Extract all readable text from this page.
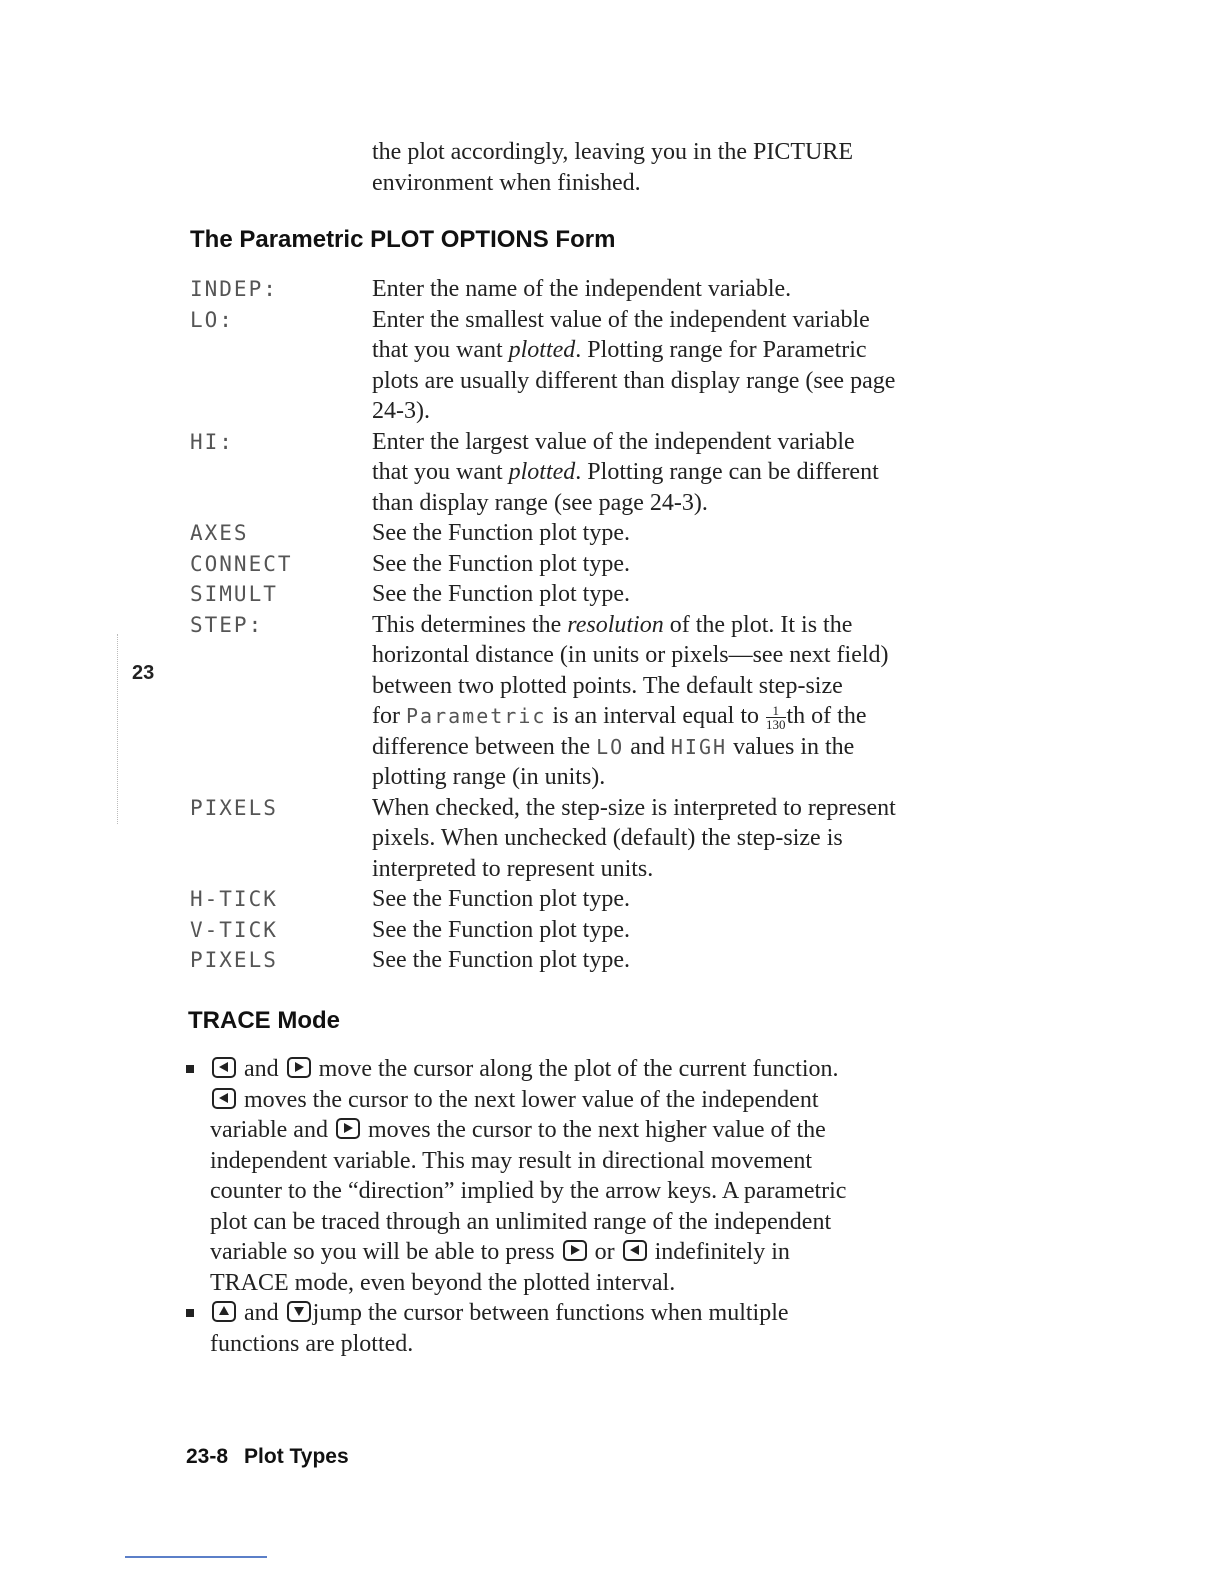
the plot accordingly, leaving you in the PICTURE
environment when finished.
The Parametric PLOT OPTIONS Form
INDEP:	Enter the name of the independent variable.
LO:	Enter the smallest value of the independent variable
that you want plotted. Plotting range for Parametric
plots are usually different than display range (see page
24-3).
HI:	Enter the largest value of the independent variable
that you want plotted. Plotting range can be different
than display range (see page 24-3).
AXES	See the Function plot type.
CONNECT	See the Function plot type.
SIMULT	See the Function plot type.
STEP:	This determines the resolution of the plot. It is the
horizontal distance (in units or pixels—see next field)
between two plotted points. The default step-size
for Parametric is an interval equal to $\frac{1}{130}$ th of the
difference between the LO and HIGH values in the
plotting range (in units).
PIXELS	When checked, the step-size is interpreted to represent
pixels. When unchecked (default) the step-size is
interpreted to represent units.
H-TICK	See the Function plot type.
V-TICK	See the Function plot type.
PIXELS	See the Function plot type.
TRACE Mode
and move the cursor along the plot of the current function.
moves the cursor to the next lower value of the independent
variable and moves the cursor to the next higher value of the
independent variable. This may result in directional movement
counter to the “direction” implied by the arrow keys. A parametric
plot can be traced through an unlimited range of the independent
variable so you will be able to press or indefinitely in
TRACE mode, even beyond the plotted interval.
and jump the cursor between functions when multiple
functions are plotted.
23
23-8 Plot Types
